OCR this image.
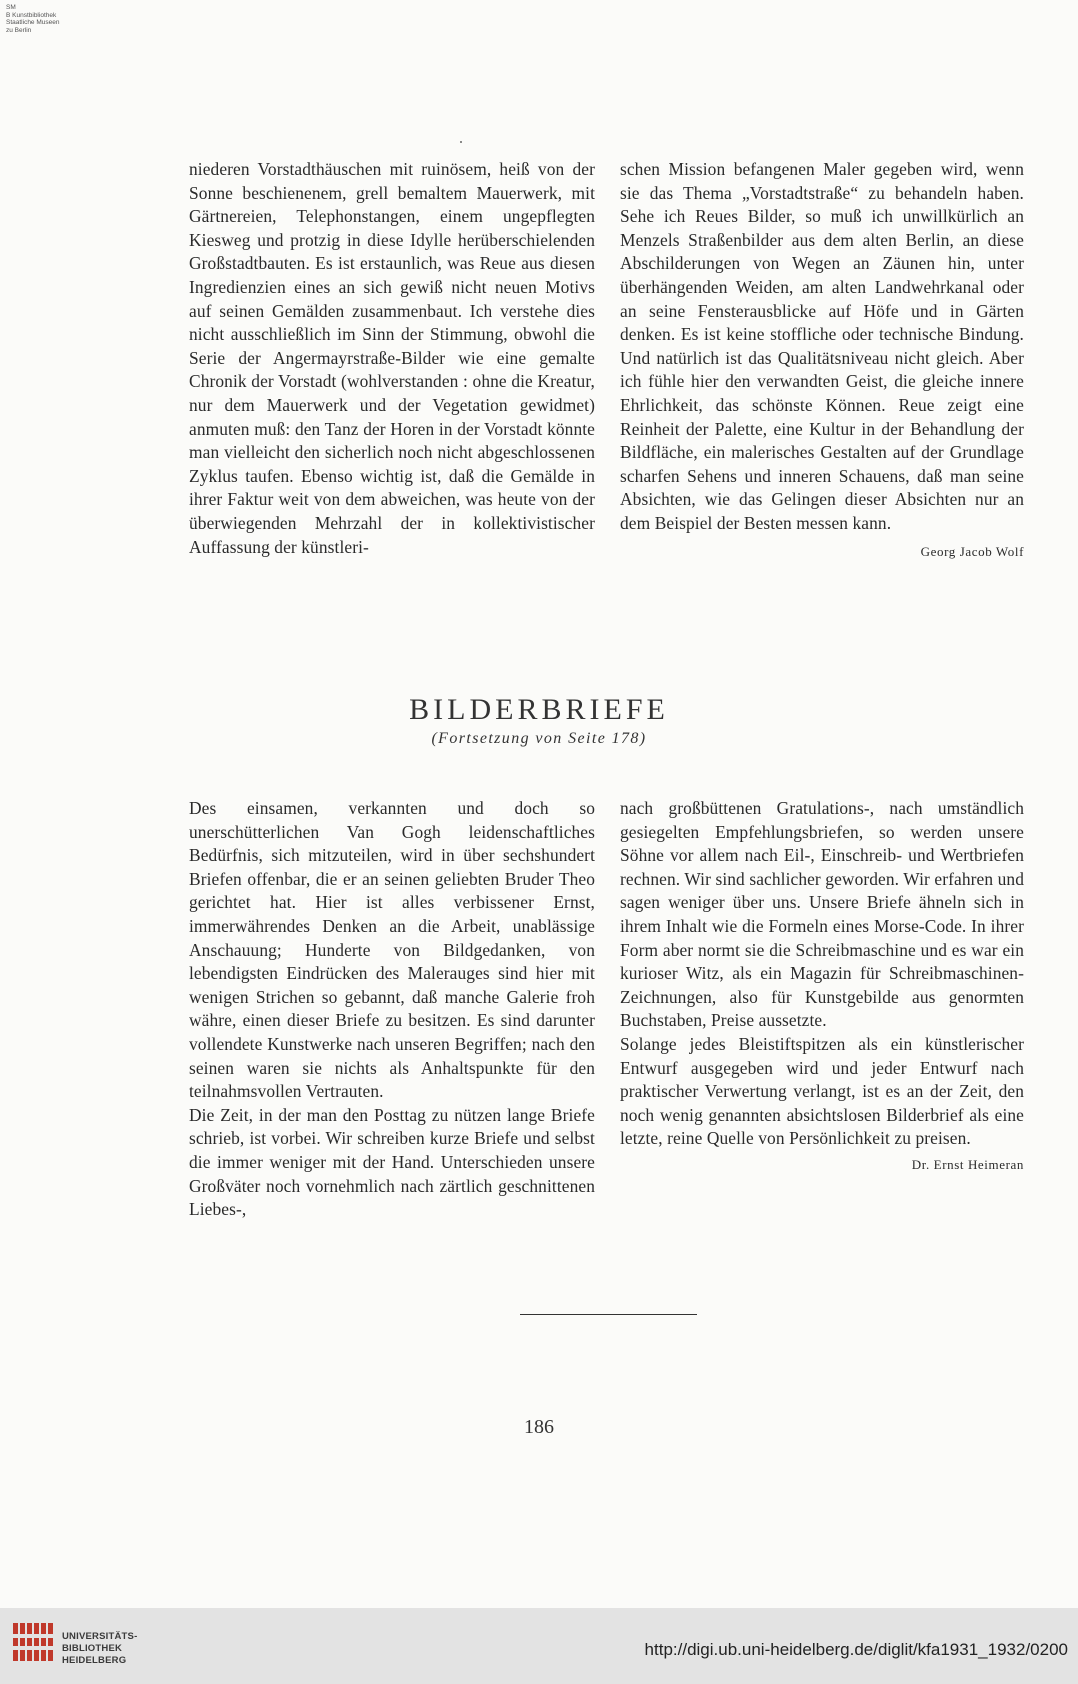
SM
B Kunstbibliothek
Staatliche Museen
zu Berlin

niederen Vorstadthäuschen mit ruinösem, heiß von der Sonne beschienenem, grell bemaltem Mauerwerk, mit Gärtnereien, Telephonstangen, einem ungepflegten Kiesweg und protzig in diese Idylle herüberschielenden Großstadtbauten. Es ist erstaunlich, was Reue aus diesen Ingredienzien eines an sich gewiß nicht neuen Motivs auf seinen Gemälden zusammenbaut. Ich verstehe dies nicht ausschließlich im Sinn der Stimmung, obwohl die Serie der Angermayrstraße-Bilder wie eine gemalte Chronik der Vorstadt (wohlverstanden : ohne die Kreatur, nur dem Mauerwerk und der Vegetation gewidmet) anmuten muß: den Tanz der Horen in der Vorstadt könnte man vielleicht den sicherlich noch nicht abgeschlossenen Zyklus taufen. Ebenso wichtig ist, daß die Gemälde in ihrer Faktur weit von dem abweichen, was heute von der überwiegenden Mehrzahl der in kollektivistischer Auffassung der künstleri-

schen Mission befangenen Maler gegeben wird, wenn sie das Thema „Vorstadtstraße“ zu behandeln haben. Sehe ich Reues Bilder, so muß ich unwillkürlich an Menzels Straßenbilder aus dem alten Berlin, an diese Abschilderungen von Wegen an Zäunen hin, unter überhängenden Weiden, am alten Landwehrkanal oder an seine Fensterausblicke auf Höfe und in Gärten denken. Es ist keine stoffliche oder technische Bindung. Und natürlich ist das Qualitätsniveau nicht gleich. Aber ich fühle hier den verwandten Geist, die gleiche innere Ehrlichkeit, das schönste Können. Reue zeigt eine Reinheit der Palette, eine Kultur in der Behandlung der Bildfläche, ein malerisches Gestalten auf der Grundlage scharfen Sehens und inneren Schauens, daß man seine Absichten, wie das Gelingen dieser Absichten nur an dem Beispiel der Besten messen kann.

Georg Jacob Wolf
BILDERBRIEFE
(Fortsetzung von Seite 178)

Des einsamen, verkannten und doch so unerschütterlichen Van Gogh leidenschaftliches Bedürfnis, sich mitzuteilen, wird in über sechshundert Briefen offenbar, die er an seinen geliebten Bruder Theo gerichtet hat. Hier ist alles verbissener Ernst, immerwährendes Denken an die Arbeit, unablässige Anschauung; Hunderte von Bildgedanken, von lebendigsten Eindrücken des Malerauges sind hier mit wenigen Strichen so gebannt, daß manche Galerie froh währe, einen dieser Briefe zu besitzen. Es sind darunter vollendete Kunstwerke nach unseren Begriffen; nach den seinen waren sie nichts als Anhaltspunkte für den teilnahmsvollen Vertrauten.

Die Zeit, in der man den Posttag zu nützen lange Briefe schrieb, ist vorbei. Wir schreiben kurze Briefe und selbst die immer weniger mit der Hand. Unterschieden unsere Großväter noch vornehmlich nach zärtlich geschnittenen Liebes-,

nach großbüttenen Gratulations-, nach umständlich gesiegelten Empfehlungsbriefen, so werden unsere Söhne vor allem nach Eil-, Einschreib- und Wertbriefen rechnen. Wir sind sachlicher geworden. Wir erfahren und sagen weniger über uns. Unsere Briefe ähneln sich in ihrem Inhalt wie die Formeln eines Morse-Code. In ihrer Form aber normt sie die Schreibmaschine und es war ein kurioser Witz, als ein Magazin für Schreibmaschinen-Zeichnungen, also für Kunstgebilde aus genormten Buchstaben, Preise aussetzte.

Solange jedes Bleistiftspitzen als ein künstlerischer Entwurf ausgegeben wird und jeder Entwurf nach praktischer Verwertung verlangt, ist es an der Zeit, den noch wenig genannten absichtslosen Bilderbrief als eine letzte, reine Quelle von Persönlichkeit zu preisen.

Dr. Ernst Heimeran
186
UNIVERSITÄTS-
BIBLIOTHEK
HEIDELBERG
http://digi.ub.uni-heidelberg.de/diglit/kfa1931_1932/0200
